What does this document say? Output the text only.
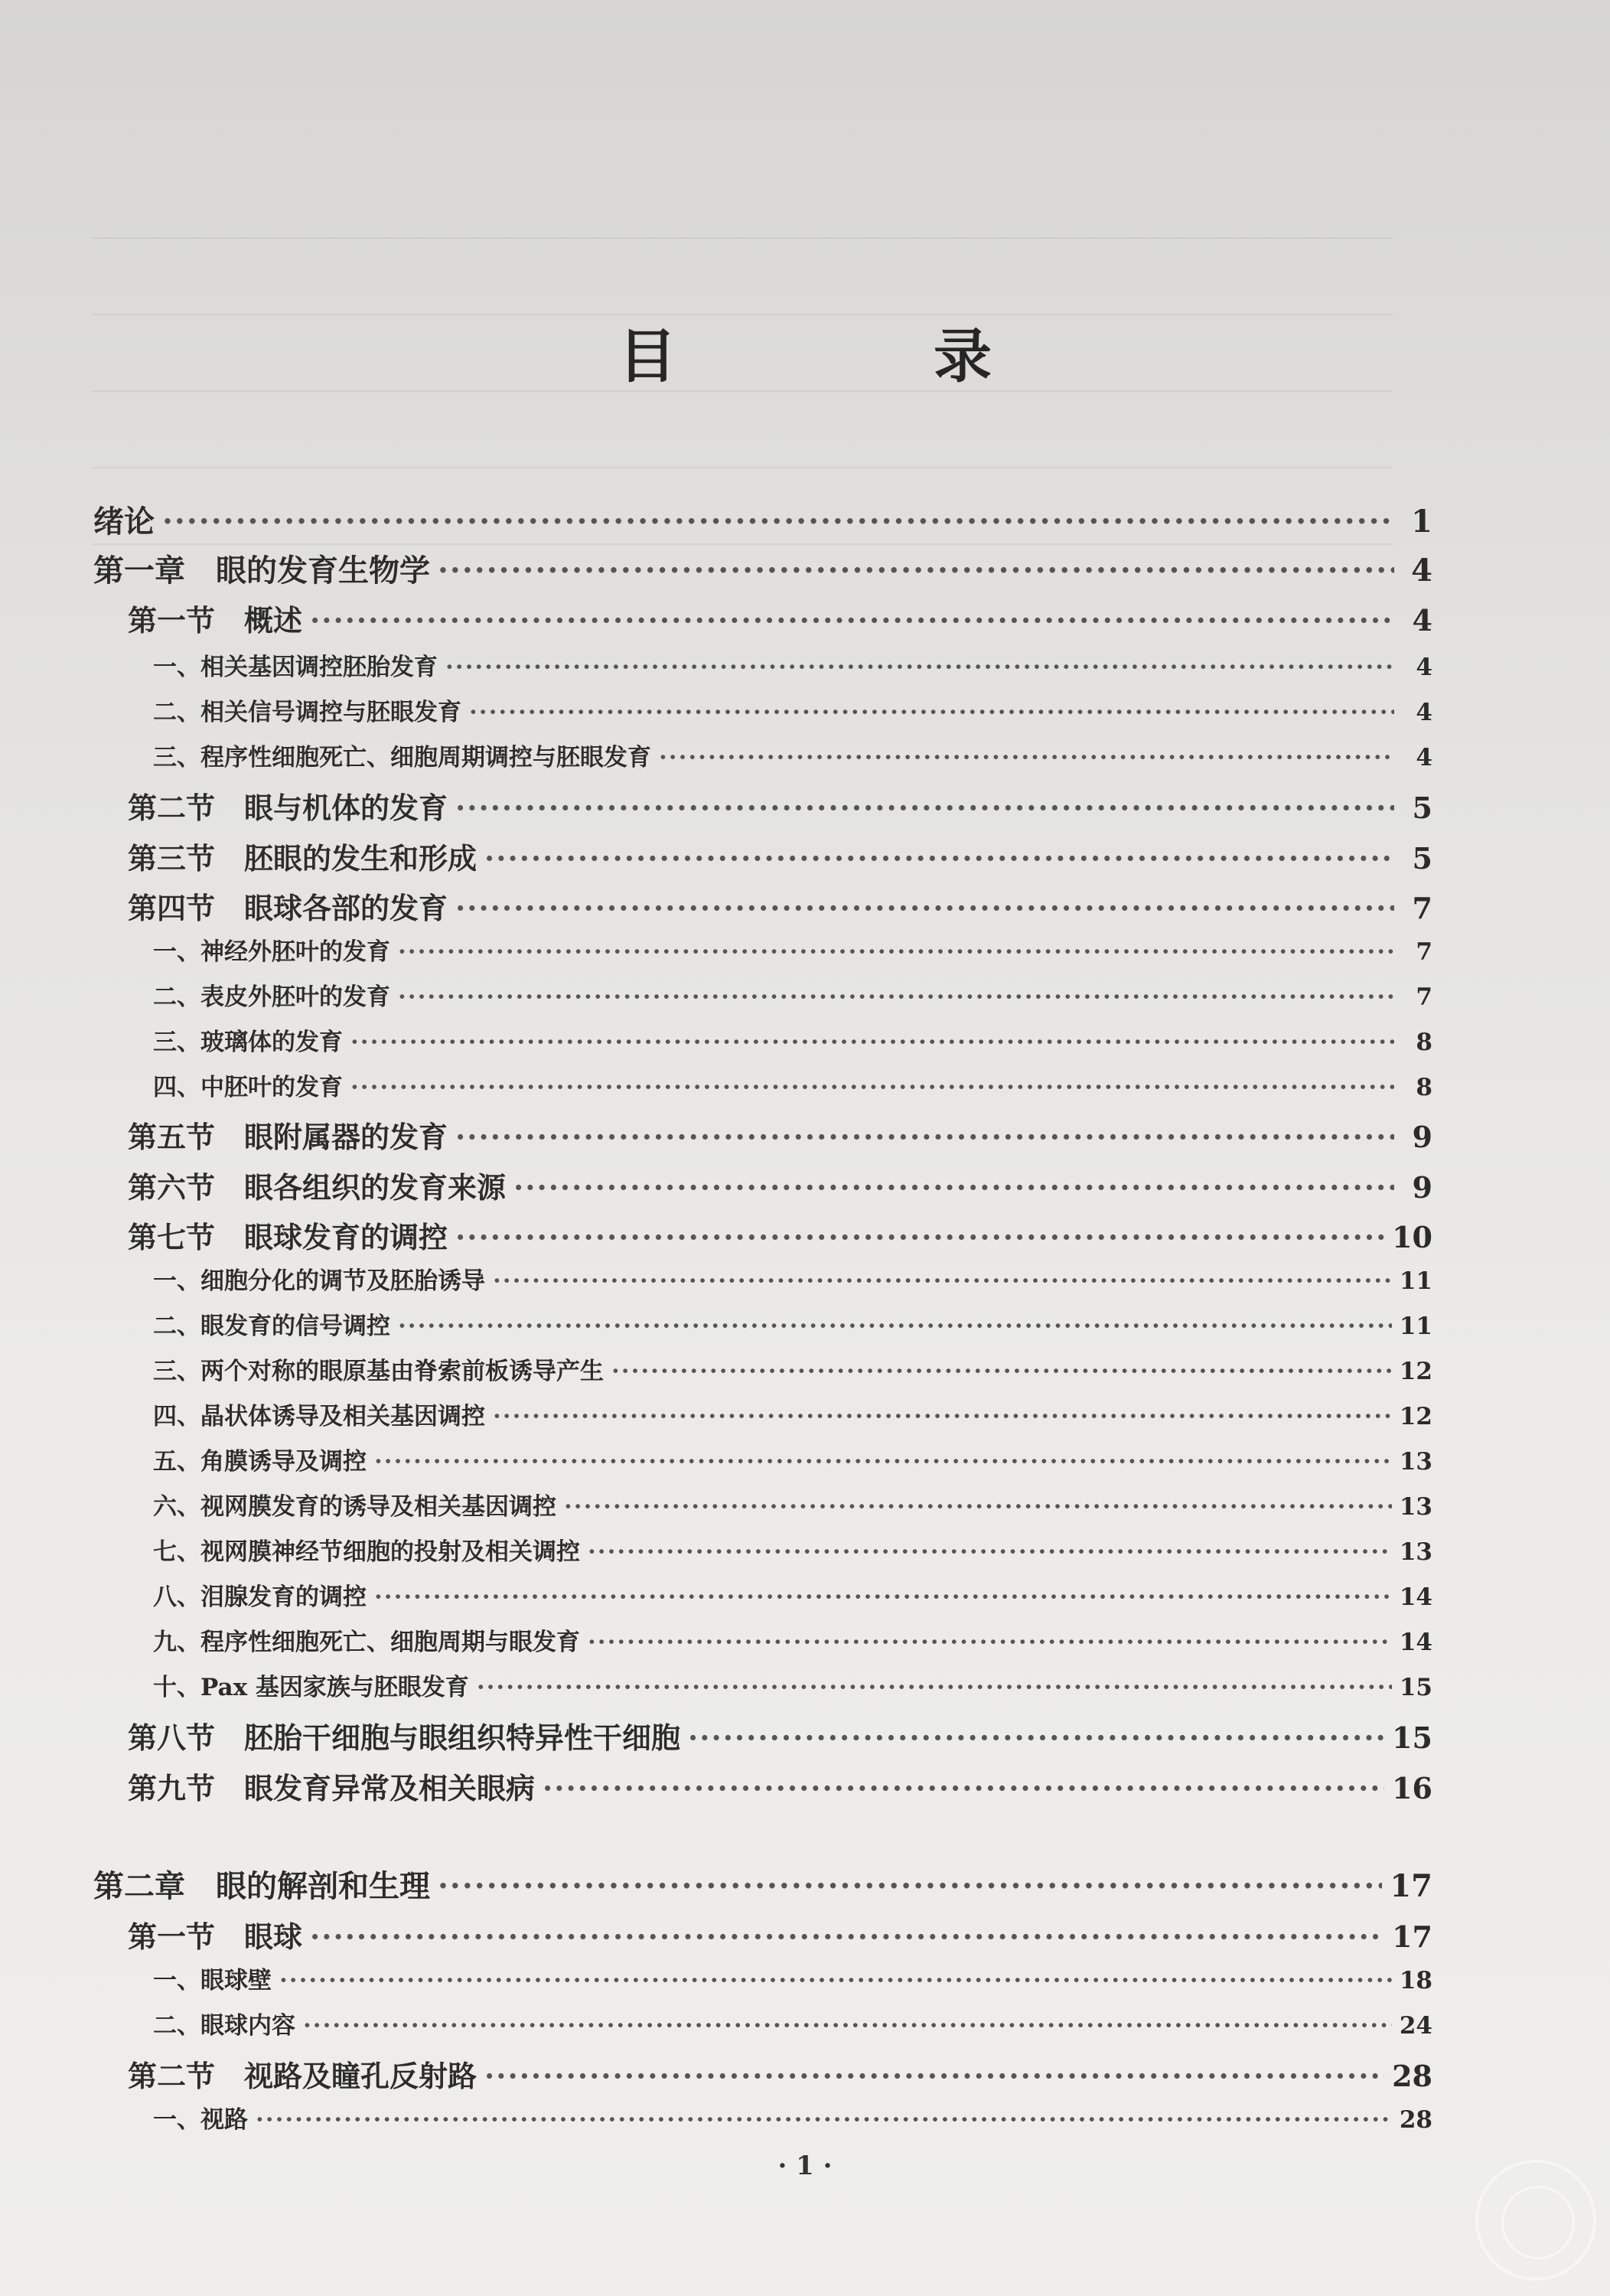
目　录
绪论 ·····	1
第一章　眼的发育生物学 ·····	4
第一节　概述 ·····	4
一、相关基因调控胚胎发育 ·····	4
二、相关信号调控与胚眼发育 ·····	4
三、程序性细胞死亡、细胞周期调控与胚眼发育 ·····	4
第二节　眼与机体的发育 ·····	5
第三节　胚眼的发生和形成 ·····	5
第四节　眼球各部的发育 ·····	7
一、神经外胚叶的发育 ·····	7
二、表皮外胚叶的发育 ·····	7
三、玻璃体的发育 ·····	8
四、中胚叶的发育 ·····	8
第五节　眼附属器的发育 ·····	9
第六节　眼各组织的发育来源 ·····	9
第七节　眼球发育的调控 ·····	10
一、细胞分化的调节及胚胎诱导 ·····	11
二、眼发育的信号调控 ·····	11
三、两个对称的眼原基由脊索前板诱导产生 ·····	12
四、晶状体诱导及相关基因调控 ·····	12
五、角膜诱导及调控 ·····	13
六、视网膜发育的诱导及相关基因调控 ·····	13
七、视网膜神经节细胞的投射及相关调控 ·····	13
八、泪腺发育的调控 ·····	14
九、程序性细胞死亡、细胞周期与眼发育 ·····	14
十、Pax 基因家族与胚眼发育 ·····	15
第八节　胚胎干细胞与眼组织特异性干细胞 ·····	15
第九节　眼发育异常及相关眼病 ·····	16
第二章　眼的解剖和生理 ·····	17
第一节　眼球 ·····	17
一、眼球壁 ·····	18
二、眼球内容 ·····	24
第二节　视路及瞳孔反射路 ·····	28
一、视路 ·····	28
· 1 ·
